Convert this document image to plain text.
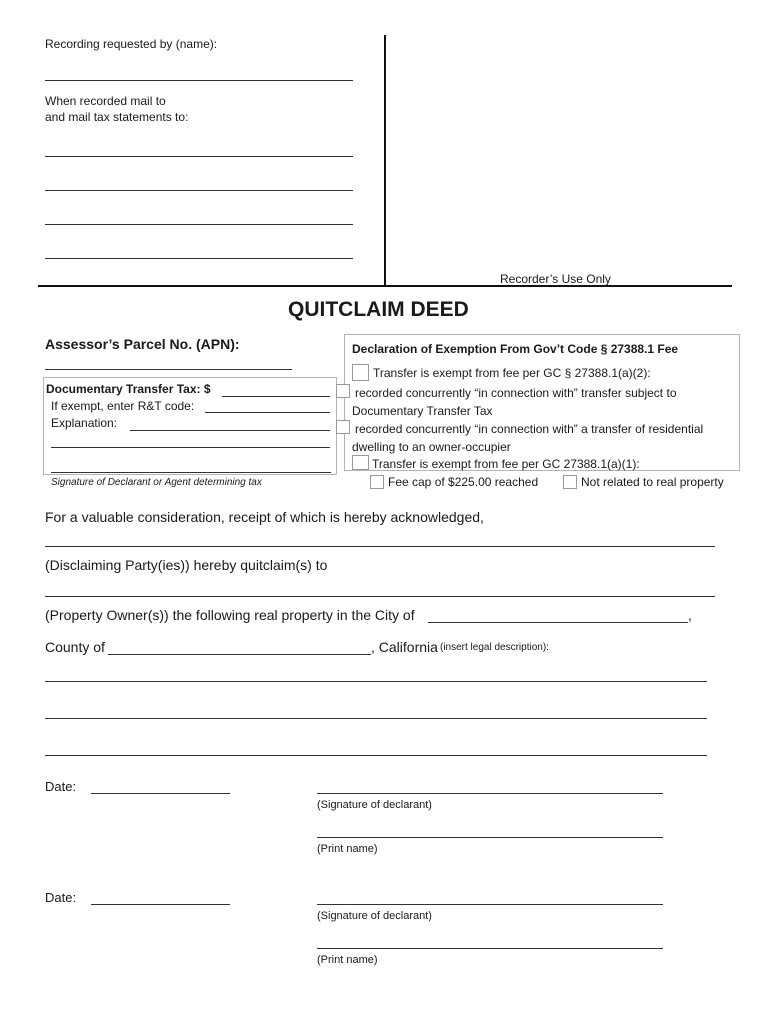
Recording requested by (name):
When recorded mail to
and mail tax statements to:
Recorder’s Use Only
QUITCLAIM DEED
Assessor’s Parcel No. (APN):
Documentary Transfer Tax: $
If exempt, enter R&T code:
Explanation:
Signature of Declarant or Agent determining tax
Declaration of Exemption From Gov’t Code § 27388.1 Fee
Transfer is exempt from fee per GC § 27388.1(a)(2):
recorded concurrently “in connection with” transfer subject to
Documentary Transfer Tax
recorded concurrently “in connection with” a transfer of residential
dwelling to an owner-occupier
Transfer is exempt from fee per GC 27388.1(a)(1):
Fee cap of $225.00 reached	Not related to real property
For a valuable consideration, receipt of which is hereby acknowledged,
(Disclaiming Party(ies)) hereby quitclaim(s) to
(Property Owner(s)) the following real property in the City of	,
County of	, California (insert legal description):
Date:
(Signature of declarant)
(Print name)
Date:
(Signature of declarant)
(Print name)
